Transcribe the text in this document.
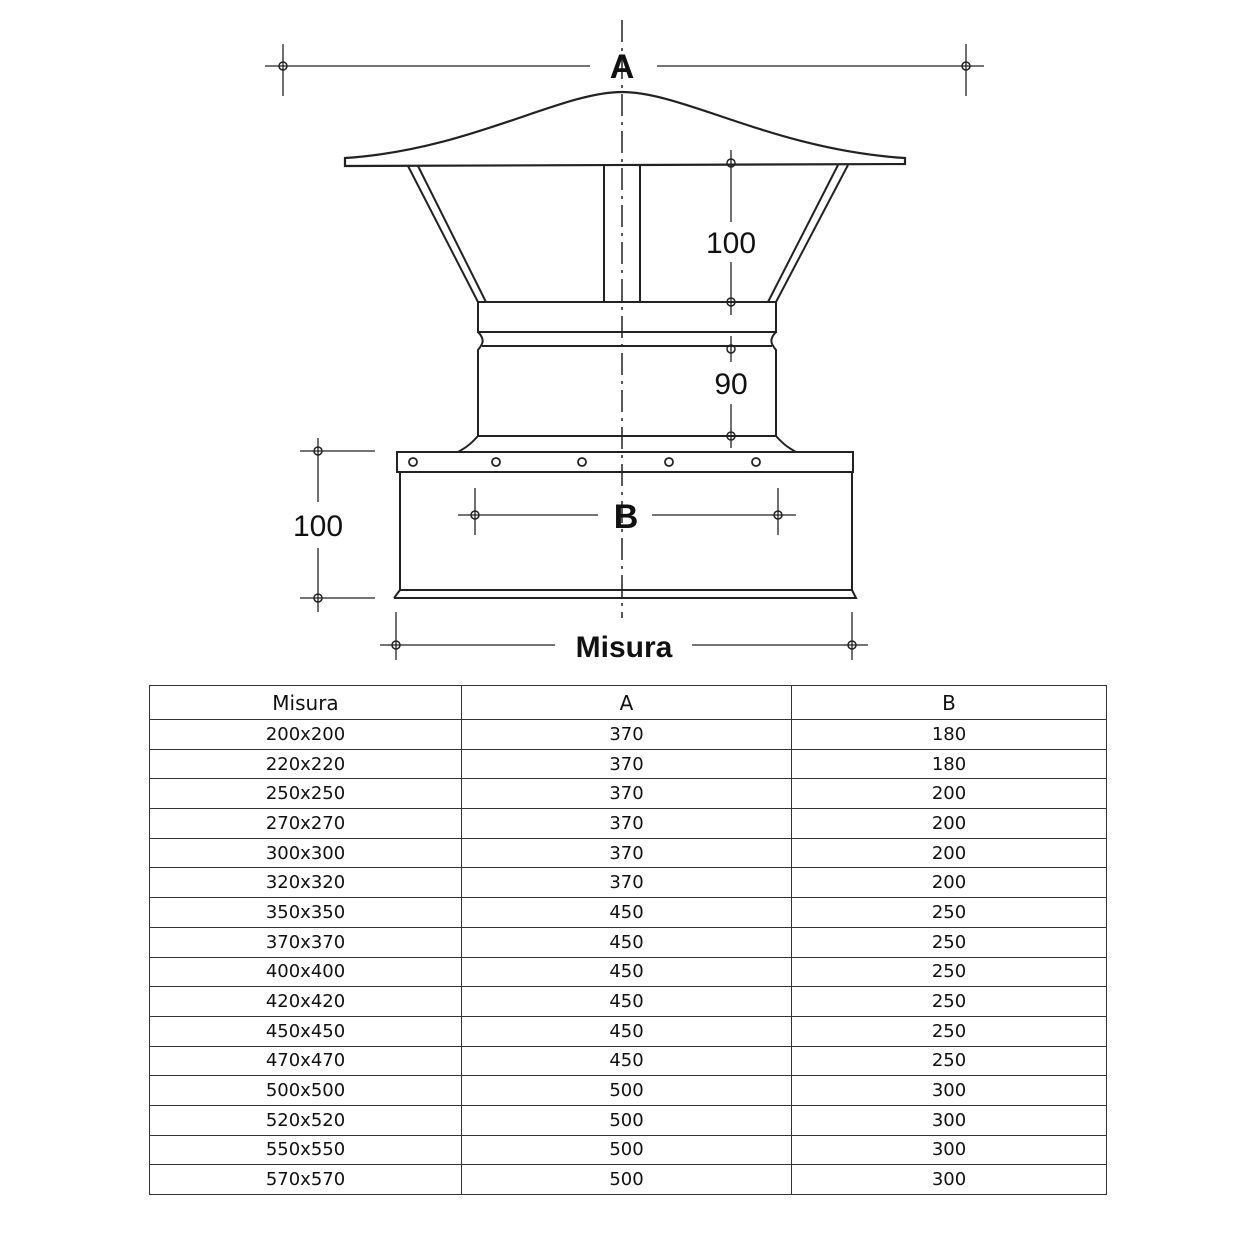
A
B
Misura
100
90
100
Misura	A	B
200x200	370	180
220x220	370	180
250x250	370	200
270x270	370	200
300x300	370	200
320x320	370	200
350x350	450	250
370x370	450	250
400x400	450	250
420x420	450	250
450x450	450	250
470x470	450	250
500x500	500	300
520x520	500	300
550x550	500	300
570x570	500	300
